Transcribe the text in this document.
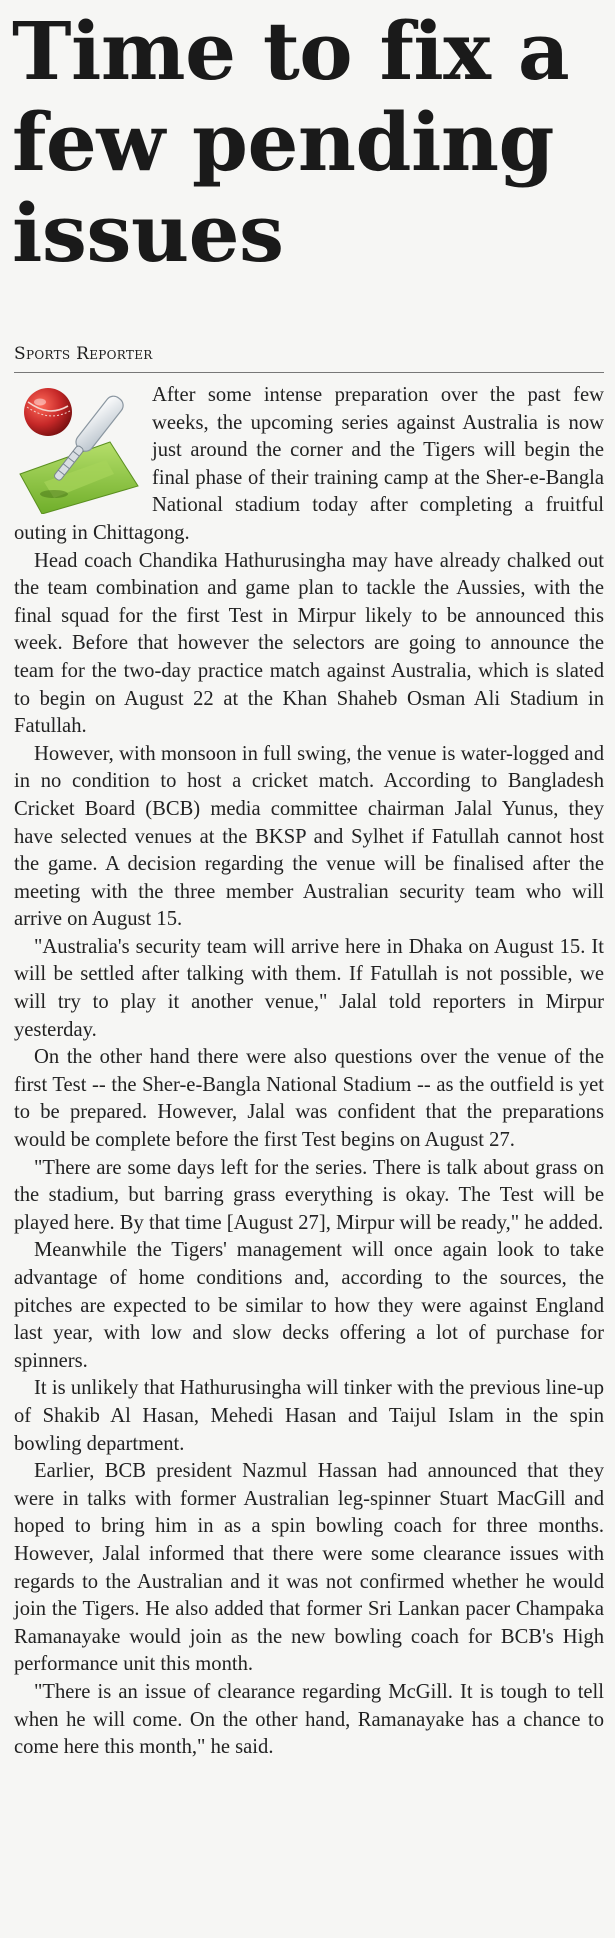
Time to fix a
few pending
issues
Sports Reporter

After some intense preparation over the past few weeks, the upcoming series against Australia is now just around the corner and the Tigers will begin the final phase of their training camp at the Sher-e-Bangla National stadium today after completing a fruitful outing in Chittagong.

Head coach Chandika Hathurusingha may have already chalked out the team combination and game plan to tackle the Aussies, with the final squad for the first Test in Mirpur likely to be announced this week. Before that however the selectors are going to announce the team for the two-day practice match against Australia, which is slated to begin on August 22 at the Khan Shaheb Osman Ali Stadium in Fatullah.

However, with monsoon in full swing, the venue is water-logged and in no condition to host a cricket match. According to Bangladesh Cricket Board (BCB) media committee chairman Jalal Yunus, they have selected venues at the BKSP and Sylhet if Fatullah cannot host the game. A decision regarding the venue will be finalised after the meeting with the three member Australian security team who will arrive on August 15.

"Australia's security team will arrive here in Dhaka on August 15. It will be settled after talking with them. If Fatullah is not possible, we will try to play it another venue," Jalal told reporters in Mirpur yesterday.

On the other hand there were also questions over the venue of the first Test -- the Sher-e-Bangla National Stadium -- as the outfield is yet to be prepared. However, Jalal was confident that the preparations would be complete before the first Test begins on August 27.

"There are some days left for the series. There is talk about grass on the stadium, but barring grass everything is okay. The Test will be played here. By that time [August 27], Mirpur will be ready," he added.

Meanwhile the Tigers' management will once again look to take advantage of home conditions and, according to the sources, the pitches are expected to be similar to how they were against England last year, with low and slow decks offering a lot of purchase for spinners.

It is unlikely that Hathurusingha will tinker with the previous line-up of Shakib Al Hasan, Mehedi Hasan and Taijul Islam in the spin bowling department.

Earlier, BCB president Nazmul Hassan had announced that they were in talks with former Australian leg-spinner Stuart MacGill and hoped to bring him in as a spin bowling coach for three months. However, Jalal informed that there were some clearance issues with regards to the Australian and it was not confirmed whether he would join the Tigers. He also added that former Sri Lankan pacer Champaka Ramanayake would join as the new bowling coach for BCB's High performance unit this month.

"There is an issue of clearance regarding McGill. It is tough to tell when he will come. On the other hand, Ramanayake has a chance to come here this month," he said.
